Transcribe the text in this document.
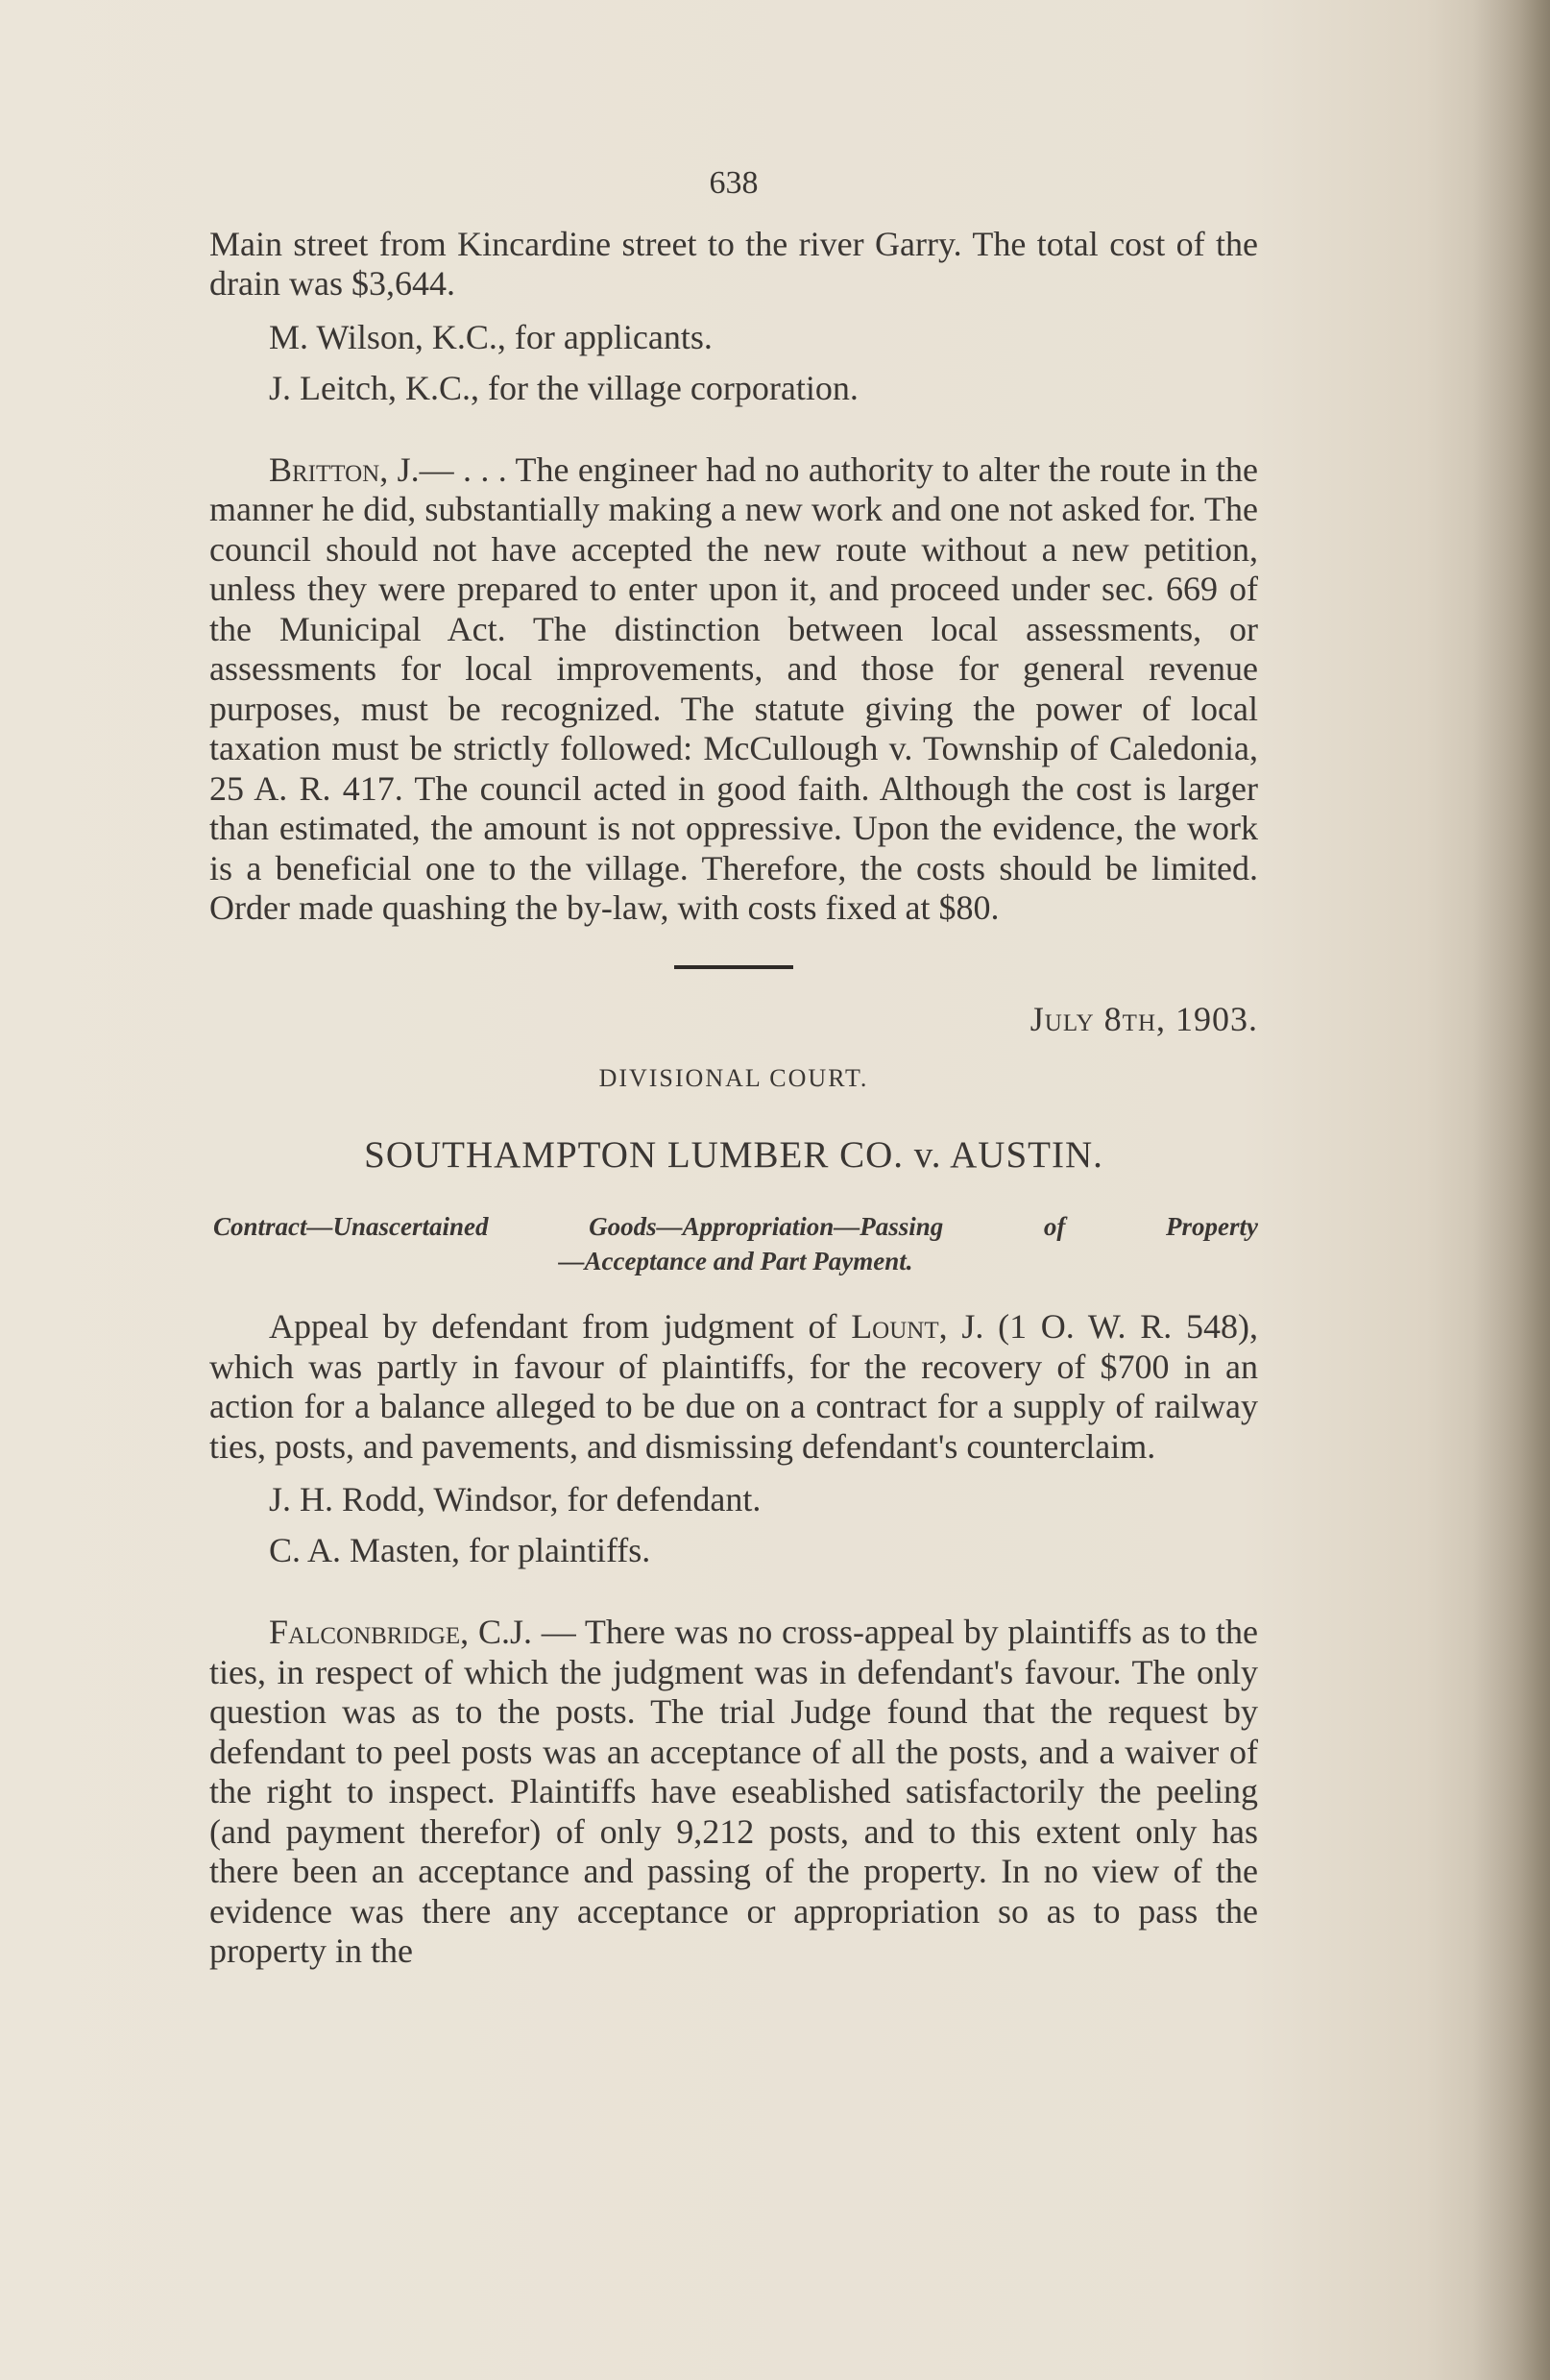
638

Main street from Kincardine street to the river Garry. The total cost of the drain was $3,644.

M. Wilson, K.C., for applicants.

J. Leitch, K.C., for the village corporation.

Britton, J.— . . . The engineer had no authority to alter the route in the manner he did, substantially making a new work and one not asked for. The council should not have accepted the new route without a new petition, unless they were prepared to enter upon it, and proceed under sec. 669 of the Municipal Act. The distinction between local assessments, or assessments for local improvements, and those for general revenue purposes, must be recognized. The statute giving the power of local taxation must be strictly followed: McCullough v. Township of Caledonia, 25 A. R. 417. The council acted in good faith. Although the cost is larger than estimated, the amount is not oppressive. Upon the evidence, the work is a beneficial one to the village. Therefore, the costs should be limited. Order made quashing the by-law, with costs fixed at $80.

July 8th, 1903.
DIVISIONAL COURT.
SOUTHAMPTON LUMBER CO. v. AUSTIN.
Contract—Unascertained Goods—Appropriation—Passing of Property
—Acceptance and Part Payment.

Appeal by defendant from judgment of Lount, J. (1 O. W. R. 548), which was partly in favour of plaintiffs, for the recovery of $700 in an action for a balance alleged to be due on a contract for a supply of railway ties, posts, and pavements, and dismissing defendant's counterclaim.

J. H. Rodd, Windsor, for defendant.

C. A. Masten, for plaintiffs.

Falconbridge, C.J. — There was no cross-appeal by plaintiffs as to the ties, in respect of which the judgment was in defendant's favour. The only question was as to the posts. The trial Judge found that the request by defendant to peel posts was an acceptance of all the posts, and a waiver of the right to inspect. Plaintiffs have eseablished satisfactorily the peeling (and payment therefor) of only 9,212 posts, and to this extent only has there been an acceptance and passing of the property. In no view of the evidence was there any acceptance or appropriation so as to pass the property in the
